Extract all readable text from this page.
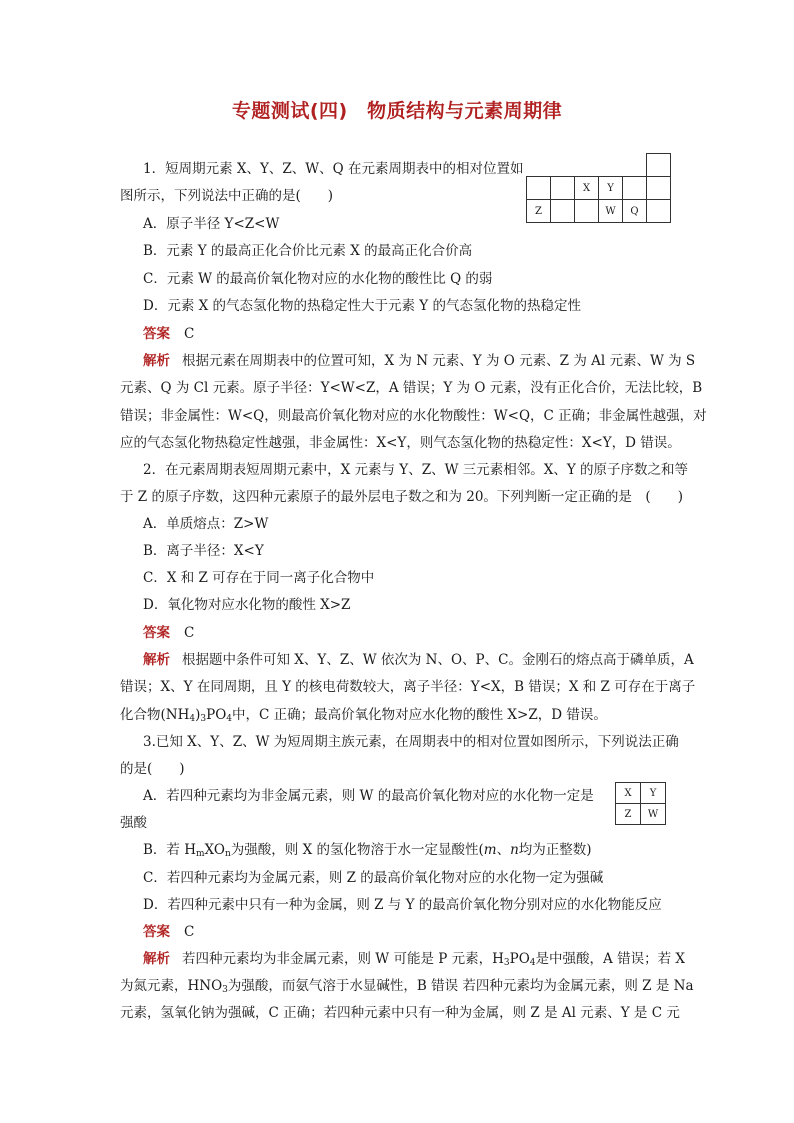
专题测试(四)　物质结构与元素周期律

		X	Y		
Z			W	Q	
1．短周期元素 X、Y、Z、W、Q 在元素周期表中的相对位置如
图所示，下列说法中正确的是(　　)
A．原子半径 Y<Z<W
B．元素 Y 的最高正化合价比元素 X 的最高正化合价高
C．元素 W 的最高价氧化物对应的水化物的酸性比 Q 的弱
D．元素 X 的气态氢化物的热稳定性大于元素 Y 的气态氢化物的热稳定性
答案 C
解析 根据元素在周期表中的位置可知，X 为 N 元素、Y 为 O 元素、Z 为 Al 元素、W 为 S
元素、Q 为 Cl 元素。原子半径：Y<W<Z，A 错误；Y 为 O 元素，没有正化合价，无法比较，B
错误；非金属性：W<Q，则最高价氧化物对应的水化物酸性：W<Q，C 正确；非金属性越强，对
应的气态氢化物热稳定性越强，非金属性：X<Y，则气态氢化物的热稳定性：X<Y，D 错误。
2．在元素周期表短周期元素中，X 元素与 Y、Z、W 三元素相邻。X、Y 的原子序数之和等
于 Z 的原子序数，这四种元素原子的最外层电子数之和为 20。下列判断一定正确的是　(　　)
A．单质熔点：Z>W
B．离子半径：X<Y
C．X 和 Z 可存在于同一离子化合物中
D．氧化物对应水化物的酸性 X>Z
答案 C
解析 根据题中条件可知 X、Y、Z、W 依次为 N、O、P、C。金刚石的熔点高于磷单质，A
错误；X、Y 在同周期，且 Y 的核电荷数较大，离子半径：Y<X，B 错误；X 和 Z 可存在于离子
化合物$(NH_4)_3PO_4$中，C 正确；最高价氧化物对应水化物的酸性 X>Z，D 错误。
X	Y
Z	W
3.已知 X、Y、Z、W 为短周期主族元素，在周期表中的相对位置如图所示，下列说法正确
的是(　　)
A．若四种元素均为非金属元素，则 W 的最高价氧化物对应的水化物一定是
强酸
B．若 $H_mXO_n$为强酸，则 X 的氢化物溶于水一定显酸性(m、n均为正整数)
C．若四种元素均为金属元素，则 Z 的最高价氧化物对应的水化物一定为强碱
D．若四种元素中只有一种为金属，则 Z 与 Y 的最高价氧化物分别对应的水化物能反应
答案 C
解析 若四种元素均为非金属元素，则 W 可能是 P 元素，$H_3PO_4$是中强酸，A 错误；若 X
为氮元素，$HNO_3$为强酸，而氨气溶于水显碱性，B 错误 若四种元素均为金属元素，则 Z 是 Na
元素，氢氧化钠为强碱，C 正确；若四种元素中只有一种为金属，则 Z 是 Al 元素、Y 是 C 元
